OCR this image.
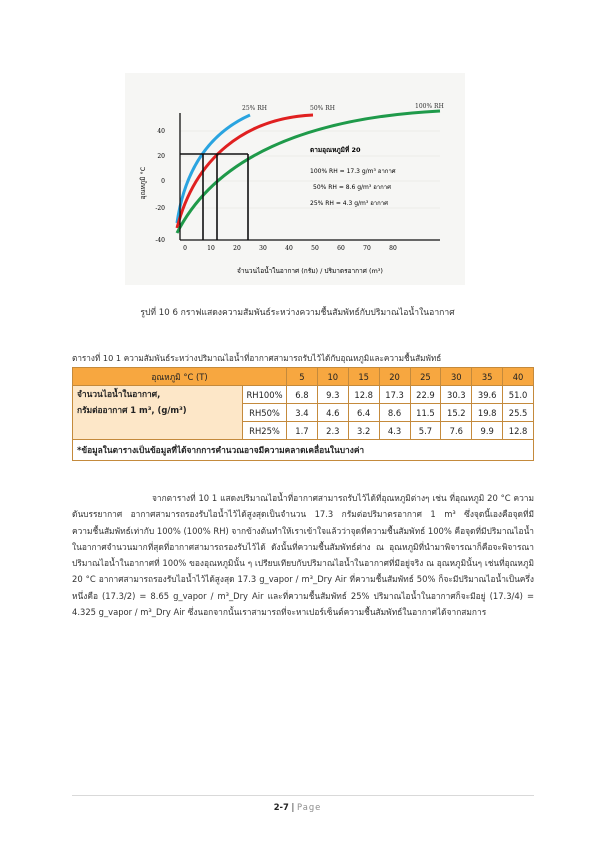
40
20
0
-20
-40
0	10	20	30	40	50	60	70	80
25% RH	50% RH	100% RH
อุณหภูมิ °C
จำนวนไอน้ำในอากาศ (กรัม) / ปริมาตรอากาศ (m³)
ตามอุณหภูมิที่ 20
100% RH = 17.3 g/m³ อากาศ
50% RH = 8.6 g/m³ อากาศ
25% RH = 4.3 g/m³ อากาศ
รูปที่ 10 6 กราฟแสดงความสัมพันธ์ระหว่างความชื้นสัมพัทธ์กับปริมาณไอน้ำในอากาศ
ตารางที่ 10 1 ความสัมพันธ์ระหว่างปริมาณไอน้ำที่อากาศสามารถรับไว้ได้กับอุณหภูมิและความชื้นสัมพัทธ์
อุณหภูมิ °C (T)		5	10	15	20	25	30	35	40

จำนวนไอน้ำในอากาศ,
กรัมต่ออากาศ 1 m³, (g/m³)	RH100%	6.8	9.3	12.8	17.3	22.9	30.3	39.6	51.0
	RH50%	3.4	4.6	6.4	8.6	11.5	15.2	19.8	25.5
	RH25%	1.7	2.3	3.2	4.3	5.7	7.6	9.9	12.8
*ข้อมูลในตารางเป็นข้อมูลที่ได้จากการคำนวณอาจมีความคลาดเคลื่อนในบางค่า									

จากตารางที่ 10 1 แสดงปริมาณไอน้ำที่อากาศสามารถรับไว้ได้ที่อุณหภูมิต่างๆ เช่น ที่อุณหภูมิ 20 °C ความดันบรรยากาศ อากาศสามารถรองรับไอน้ำไว้ได้สูงสุดเป็นจำนวน 17.3 กรัมต่อปริมาตรอากาศ 1 m³ ซึ่งจุดนี้เองคือจุดที่มีความชื้นสัมพัทธ์เท่ากับ 100% (100% RH) จากข้างต้นทำให้เราเข้าใจแล้วว่าจุดที่ความชื้นสัมพัทธ์ 100% คือจุดที่มีปริมาณไอน้ำในอากาศจำนวนมากที่สุดที่อากาศสามารถรองรับไว้ได้ ดังนั้นที่ความชื้นสัมพัทธ์ต่าง ณ อุณหภูมิที่นำมาพิจารณาก็คือจะพิจารณาปริมาณไอน้ำในอากาศที่ 100% ของอุณหภูมินั้น ๆ เปรียบเทียบกับปริมาณไอน้ำในอากาศที่มีอยู่จริง ณ อุณหภูมินั้นๆ เช่นที่อุณหภูมิ 20 °C อากาศสามารถรองรับไอน้ำไว้ได้สูงสุด 17.3 g_vapor / m³_Dry Air ที่ความชื้นสัมพัทธ์ 50% ก็จะมีปริมาณไอน้ำเป็นครึ่งหนึ่งคือ (17.3/2) = 8.65 g_vapor / m³_Dry Air และที่ความชื้นสัมพัทธ์ 25% ปริมาณไอน้ำในอากาศก็จะมีอยู่ (17.3/4) = 4.325 g_vapor / m³_Dry Air ซึ่งนอกจากนั้นเราสามารถที่จะหาเปอร์เซ็นต์ความชื้นสัมพัทธ์ในอากาศได้จากสมการ

2-7 | Page
